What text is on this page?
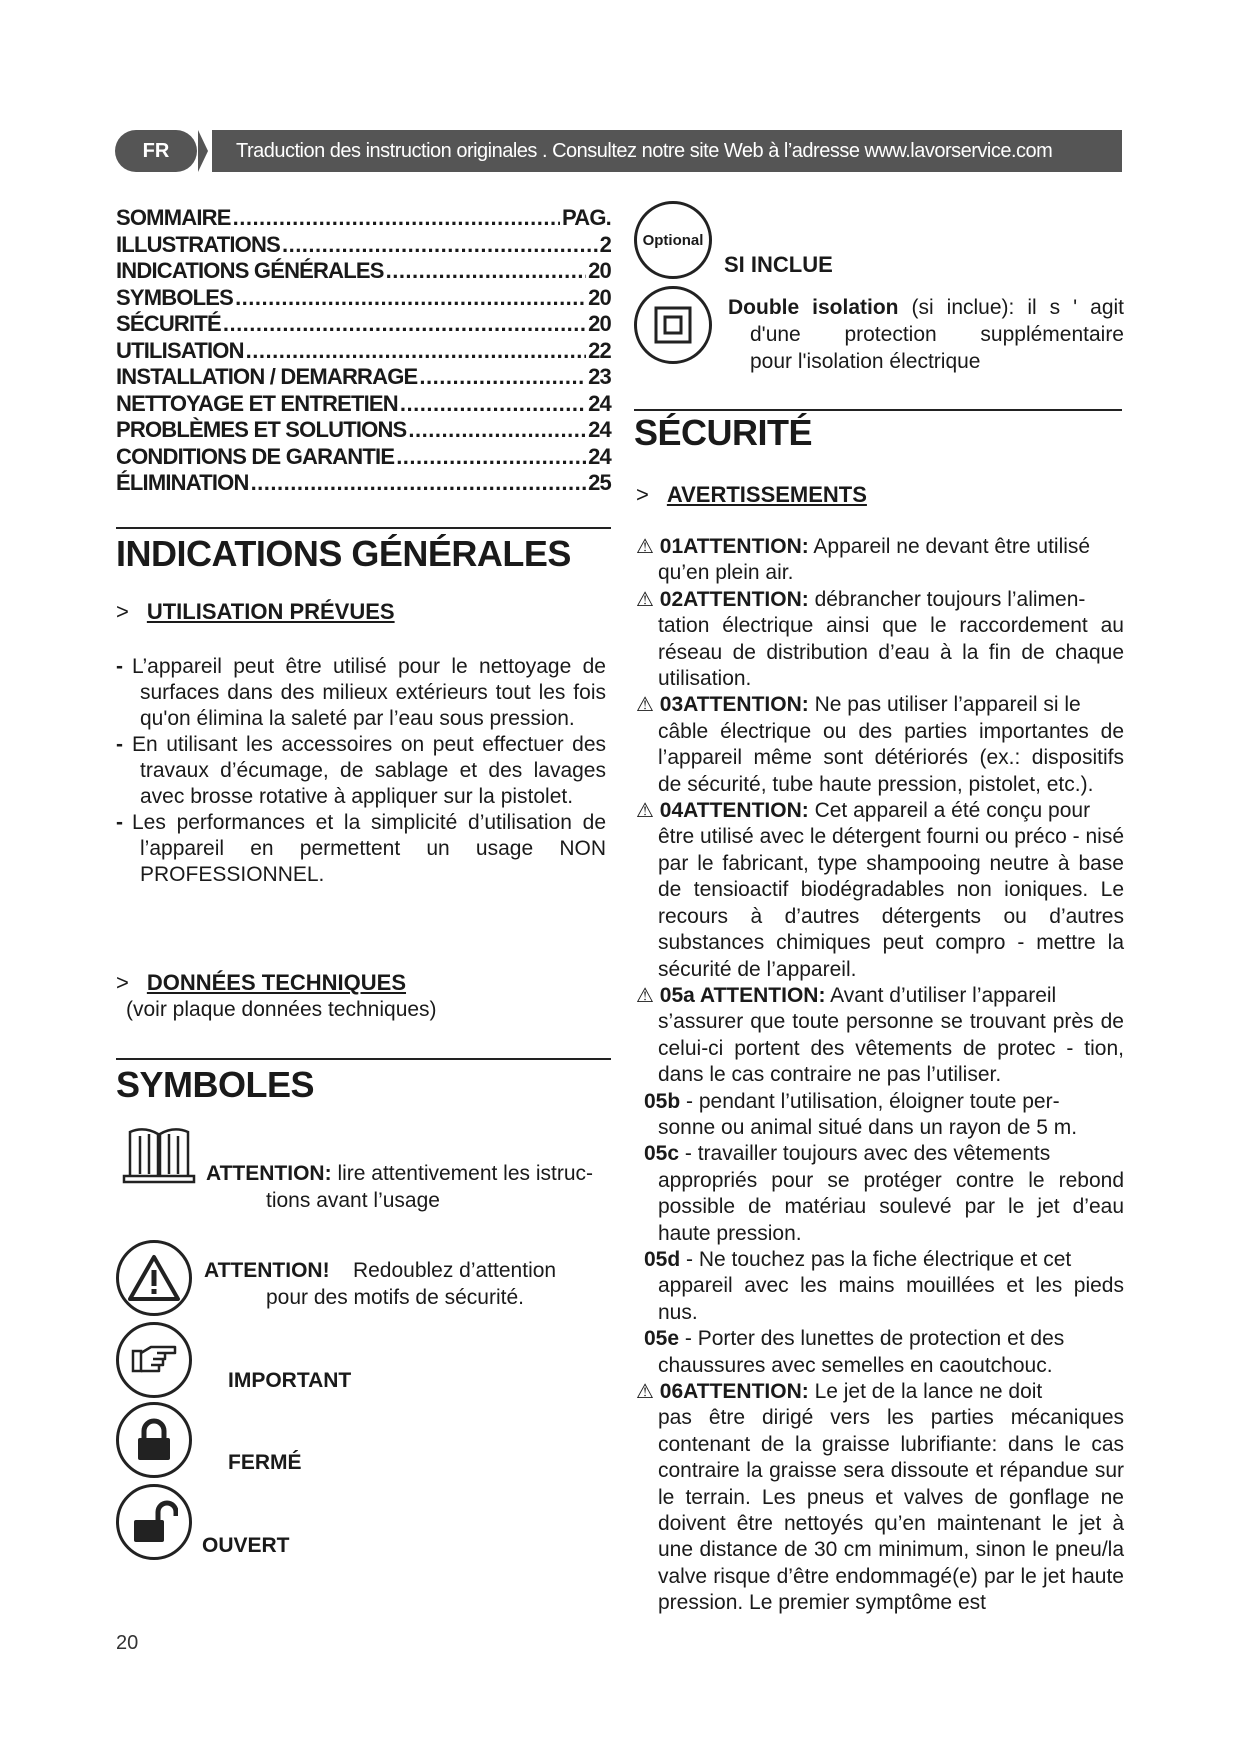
FR	Traduction des instruction originales . Consultez notre site Web à l’adresse www.lavorservice.com
SOMMAIRE .....	PAG.
ILLUSTRATIONS .....	2
INDICATIONS GÉNÉRALES .....	20
SYMBOLES .....	20
SÉCURITÉ .....	20
UTILISATION .....	22
INSTALLATION / DEMARRAGE .....	23
NETTOYAGE ET ENTRETIEN .....	24
PROBLÈMES ET SOLUTIONS .....	24
CONDITIONS DE GARANTIE .....	24
ÉLIMINATION .....	25
INDICATIONS GÉNÉRALES
> UTILISATION PRÉVUES

- L’appareil peut être utilisé pour le nettoyage de surfaces dans des milieux extérieurs tout les fois qu'on élimina la saleté par l’eau sous pression.

- En utilisant les accessoires on peut effectuer des travaux d’écumage, de sablage et des lavages avec brosse rotative à appliquer sur la pistolet.

- Les performances et la simplicité d’utilisation de l’appareil en permettent un usage NON PROFESSIONNEL.

> DONNÉES TECHNIQUES
(voir plaque données techniques)
SYMBOLES
ATTENTION: lire attentivement les istruc-
tions avant l’usage
ATTENTION! Redoublez d’attention
pour des motifs de sécurité.
IMPORTANT
FERMÉ
OUVERT
Optional
SI INCLUE
Double isolation (si inclue): il s ' agit
d'une protection supplémentaire
pour l'isolation électrique
SÉCURITÉ
> AVERTISSEMENTS
⚠ 01ATTENTION: Appareil ne devant être utilisé
qu’en plein air.
⚠ 02ATTENTION: débrancher toujours l’alimen-
tation électrique ainsi que le raccordement au réseau de distribution d’eau à la fin de chaque utilisation.
⚠ 03ATTENTION: Ne pas utiliser l’appareil si le
câble électrique ou des parties importantes de l’appareil même sont détériorés (ex.: dispositifs de sécurité, tube haute pression, pistolet, etc.).
⚠ 04ATTENTION: Cet appareil a été conçu pour
être utilisé avec le détergent fourni ou préco - nisé par le fabricant, type shampooing neutre à base de tensioactif biodégradables non ioniques. Le recours à d’autres détergents ou d’autres substances chimiques peut compro - mettre la sécurité de l’appareil.
⚠ 05a ATTENTION: Avant d’utiliser l’appareil
s’assurer que toute personne se trouvant près de celui-ci portent des vêtements de protec - tion, dans le cas contraire ne pas l’utiliser.
05b - pendant l’utilisation, éloigner toute per-
sonne ou animal situé dans un rayon de 5 m.
05c - travailler toujours avec des vêtements
appropriés pour se protéger contre le rebond possible de matériau soulevé par le jet d’eau haute pression.
05d - Ne touchez pas la fiche électrique et cet
appareil avec les mains mouillées et les pieds nus.
05e - Porter des lunettes de protection et des
chaussures avec semelles en caoutchouc.
⚠ 06ATTENTION: Le jet de la lance ne doit
pas être dirigé vers les parties mécaniques contenant de la graisse lubrifiante: dans le cas contraire la graisse sera dissoute et répandue sur le terrain. Les pneus et valves de gonflage ne doivent être nettoyés qu’en maintenant le jet à une distance de 30 cm minimum, sinon le pneu/la valve risque d’être endommagé(e) par le jet haute pression. Le premier symptôme est
20
